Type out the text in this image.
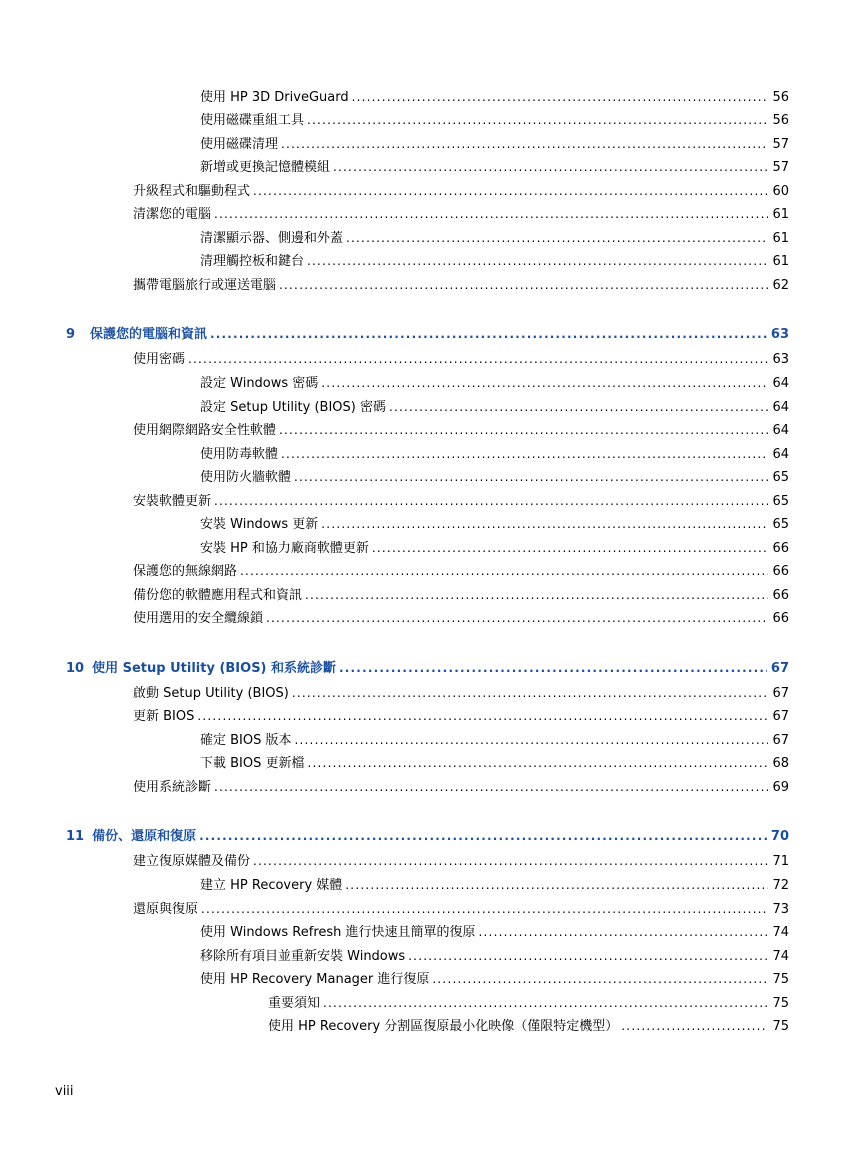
使用 HP 3D DriveGuard .....	56
使用磁碟重組工具 .....	56
使用磁碟清理 .....	57
新增或更換記憶體模組 .....	57
升級程式和驅動程式 .....	60
清潔您的電腦 .....	61
清潔顯示器、側邊和外蓋 .....	61
清理觸控板和鍵台 .....	61
攜帶電腦旅行或運送電腦 .....	62
9 保護您的電腦和資訊 .....	63
使用密碼 .....	63
設定 Windows 密碼 .....	64
設定 Setup Utility (BIOS) 密碼 .....	64
使用網際網路安全性軟體 .....	64
使用防毒軟體 .....	64
使用防火牆軟體 .....	65
安裝軟體更新 .....	65
安裝 Windows 更新 .....	65
安裝 HP 和協力廠商軟體更新 .....	66
保護您的無線網路 .....	66
備份您的軟體應用程式和資訊 .....	66
使用選用的安全纜線鎖 .....	66
10 使用 Setup Utility (BIOS) 和系統診斷 .....	67
啟動 Setup Utility (BIOS) .....	67
更新 BIOS .....	67
確定 BIOS 版本 .....	67
下載 BIOS 更新檔 .....	68
使用系統診斷 .....	69
11 備份、還原和復原 .....	70
建立復原媒體及備份 .....	71
建立 HP Recovery 媒體 .....	72
還原與復原 .....	73
使用 Windows Refresh 進行快速且簡單的復原 .....	74
移除所有項目並重新安裝 Windows .....	74
使用 HP Recovery Manager 進行復原 .....	75
重要須知 .....	75
使用 HP Recovery 分割區復原最小化映像（僅限特定機型） .....	75
viii
